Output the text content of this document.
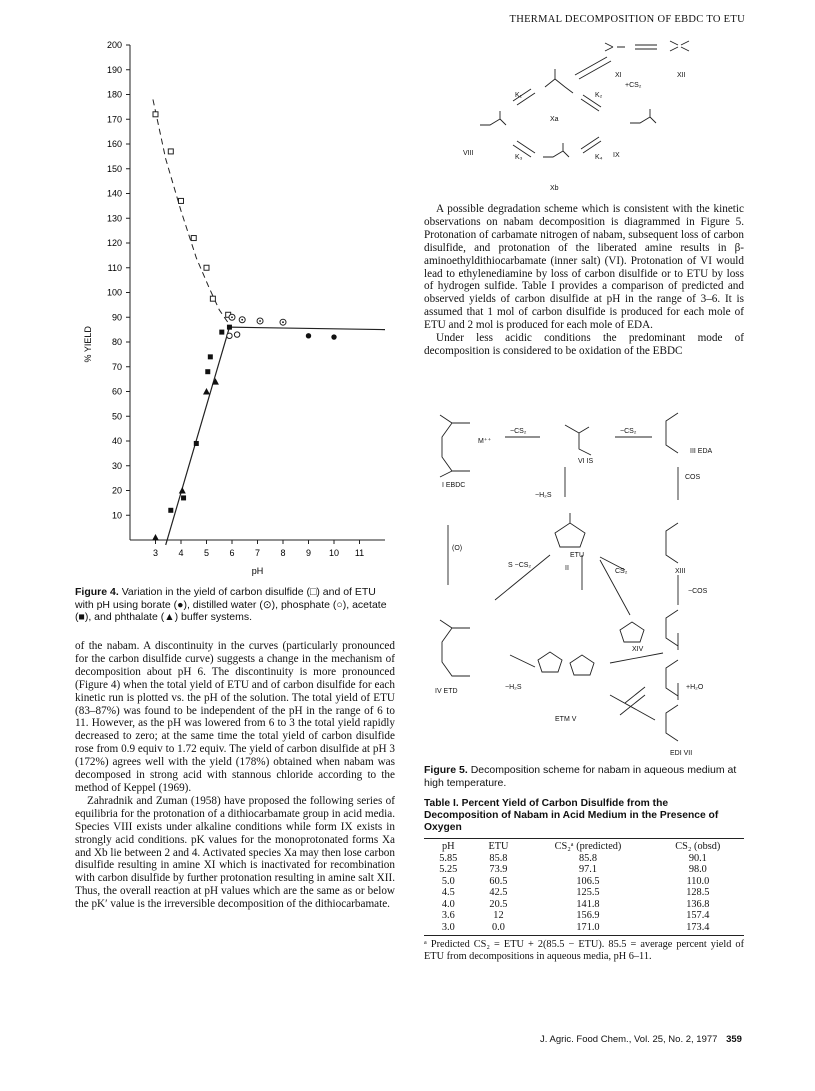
THERMAL DECOMPOSITION OF EBDC TO ETU
10
20
30
40
50
60
70
80
90
100
110
120
130
140
150
160
170
180
190
200
3 4 5 6 7 8 9 10 11
% YIELD
pH
Figure 4. Variation in the yield of carbon disulfide (□) and of ETU with pH using borate (●), distilled water (⊙), phosphate (○), acetate (■), and phthalate (▲) buffer systems.
of the nabam. A discontinuity in the curves (particularly pronounced for the carbon disulfide curve) suggests a change in the mechanism of decomposition about pH 6. The discontinuity is more pronounced (Figure 4) when the total yield of ETU and of carbon disulfide for each kinetic run is plotted vs. the pH of the solution. The total yield of ETU (83–87%) was found to be independent of the pH in the range of 6 to 11. However, as the pH was lowered from 6 to 3 the total yield rapidly decreased to zero; at the same time the total yield of carbon disulfide rose from 0.9 equiv to 1.72 equiv. The yield of carbon disulfide at pH 3 (172%) agrees well with the yield (178%) obtained when nabam was decomposed in strong acid with stannous chloride according to the method of Keppel (1969).
Zahradnik and Zuman (1958) have proposed the following series of equilibria for the protonation of a dithiocarbamate group in acid media. Species VIII exists under alkaline conditions while form IX exists in strongly acid conditions. pK values for the monoprotonated forms Xa and Xb lie between 2 and 4. Activated species Xa may then lose carbon disulfide resulting in amine XI which is inactivated for recombination with carbon disulfide by further protonation resulting in amine salt XII. Thus, the overall reaction at pH values which are the same as or below the pK′ value is the irreversible decomposition of the dithiocarbamate.
XI	XII
+CS₂
Xa
VIII	IX
Xb
K₁	K₂
K₃	K₄
A possible degradation scheme which is consistent with the kinetic observations on nabam decomposition is diagrammed in Figure 5. Protonation of carbamate nitrogen of nabam, subsequent loss of carbon disulfide, and protonation of the liberated amine results in β-aminoethyldithiocarbamate (inner salt) (VI). Protonation of VI would lead to ethylenediamine by loss of carbon disulfide or to ETU by loss of hydrogen sulfide. Table I provides a comparison of predicted and observed yields of carbon disulfide at pH in the range of 3–6. It is assumed that 1 mol of carbon disulfide is produced for each mole of ETU and 2 mol is produced for each mole of EDA.
Under less acidic conditions the predominant mode of decomposition is considered to be oxidation of the EBDC
I EBDC
M⁺⁺
−CS₂	−CS₂
VI IS
III EDA
COS
−H₂S
(O)
S −CS₂
ETU
II	CS₂	XIII
−COS
XIV
+H₂O
IV ETD
−H₂S
ETM V
EDI VII
Figure 5. Decomposition scheme for nabam in aqueous medium at high temperature.
Table I. Percent Yield of Carbon Disulfide from the Decomposition of Nabam in Acid Medium in the Presence of Oxygen
pH	ETU	CS₂ᵃ (predicted)	CS₂ (obsd)
5.85	85.8	85.8	90.1
5.25	73.9	97.1	98.0
5.0	60.5	106.5	110.0
4.5	42.5	125.5	128.5
4.0	20.5	141.8	136.8
3.6	12	156.9	157.4
3.0	0.0	171.0	173.4
ᵃ Predicted CS₂ = ETU + 2(85.5 − ETU). 85.5 = average percent yield of ETU from decompositions in aqueous media, pH 6–11.
J. Agric. Food Chem., Vol. 25, No. 2, 1977 359
